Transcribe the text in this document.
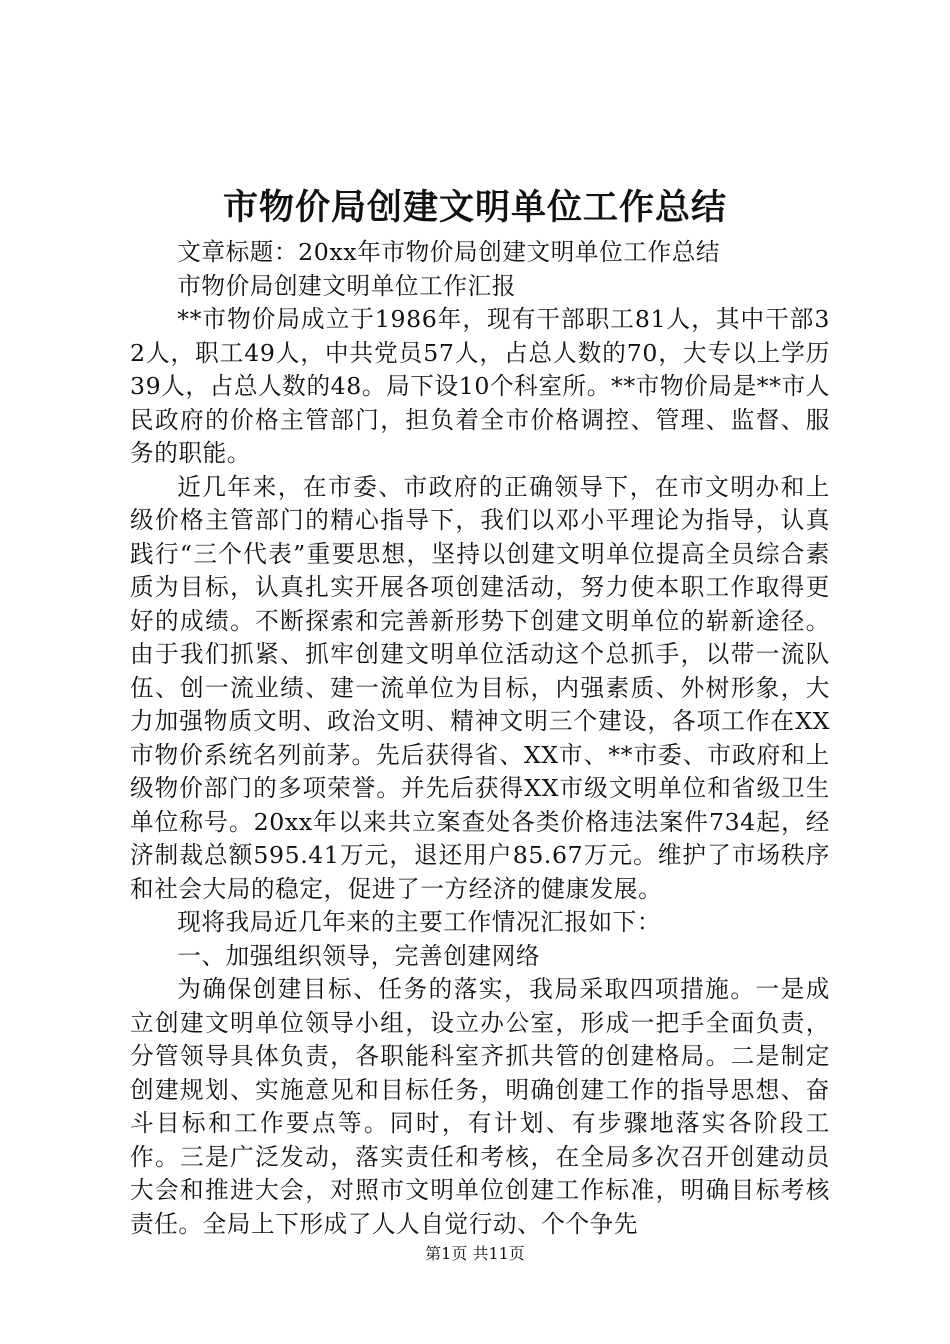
市物价局创建文明单位工作总结

文章标题：20xx年市物价局创建文明单位工作总结

市物价局创建文明单位工作汇报

**市物价局成立于1986年，现有干部职工81人，其中干部32人，职工49人，中共党员57人，占总人数的70，大专以上学历39人，占总人数的48。局下设10个科室所。**市物价局是**市人民政府的价格主管部门，担负着全市价格调控、管理、监督、服务的职能。

近几年来，在市委、市政府的正确领导下，在市文明办和上级价格主管部门的精心指导下，我们以邓小平理论为指导，认真践行“三个代表”重要思想，坚持以创建文明单位提高全员综合素质为目标，认真扎实开展各项创建活动，努力使本职工作取得更好的成绩。不断探索和完善新形势下创建文明单位的崭新途径。由于我们抓紧、抓牢创建文明单位活动这个总抓手，以带一流队伍、创一流业绩、建一流单位为目标，内强素质、外树形象，大力加强物质文明、政治文明、精神文明三个建设，各项工作在XX市物价系统名列前茅。先后获得省、XX市、**市委、市政府和上级物价部门的多项荣誉。并先后获得XX市级文明单位和省级卫生单位称号。20xx年以来共立案查处各类价格违法案件734起，经济制裁总额595.41万元，退还用户85.67万元。维护了市场秩序和社会大局的稳定，促进了一方经济的健康发展。

现将我局近几年来的主要工作情况汇报如下：

一、加强组织领导，完善创建网络

为确保创建目标、任务的落实，我局采取四项措施。一是成立创建文明单位领导小组，设立办公室，形成一把手全面负责，分管领导具体负责，各职能科室齐抓共管的创建格局。二是制定创建规划、实施意见和目标任务，明确创建工作的指导思想、奋斗目标和工作要点等。同时，有计划、有步骤地落实各阶段工作。三是广泛发动，落实责任和考核，在全局多次召开创建动员大会和推进大会，对照市文明单位创建工作标准，明确目标考核责任。全局上下形成了人人自觉行动、个个争先

第1页 共11页
